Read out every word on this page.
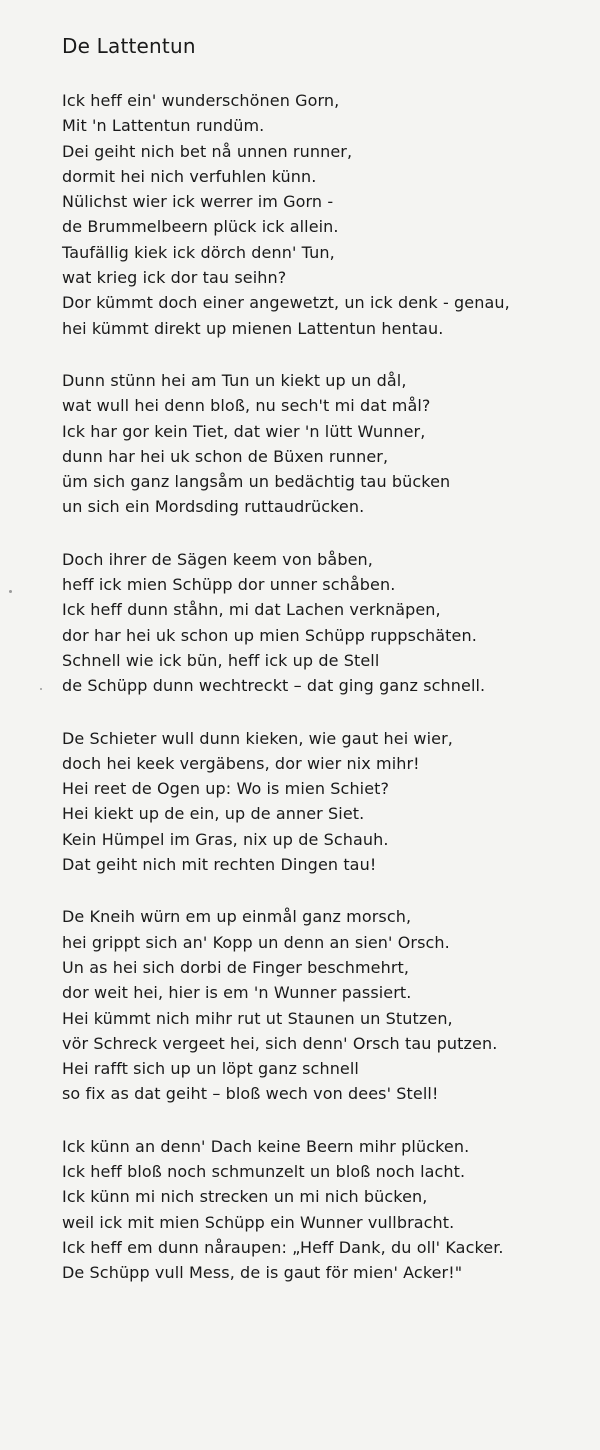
De Lattentun
Ick heff ein' wunderschönen Gorn,
Mit 'n Lattentun rundüm.
Dei geiht nich bet nå unnen runner,
dormit hei nich verfuhlen künn.
Nülichst wier ick werrer im Gorn -
de Brummelbeern plück ick allein.
Taufällig kiek ick dörch denn' Tun,
wat krieg ick dor tau seihn?
Dor kümmt doch einer angewetzt, un ick denk - genau,
hei kümmt direkt up mienen Lattentun hentau.
Dunn stünn hei am Tun un kiekt up un dål,
wat wull hei denn bloß, nu sech't mi dat mål?
Ick har gor kein Tiet, dat wier 'n lütt Wunner,
dunn har hei uk schon de Büxen runner,
üm sich ganz langsåm un bedächtig tau bücken
un sich ein Mordsding ruttaudrücken.
Doch ihrer de Sägen keem von båben,
heff ick mien Schüpp dor unner schåben.
Ick heff dunn ståhn, mi dat Lachen verknäpen,
dor har hei uk schon up mien Schüpp ruppschäten.
Schnell wie ick bün, heff ick up de Stell
de Schüpp dunn wechtreckt – dat ging ganz schnell.
De Schieter wull dunn kieken, wie gaut hei wier,
doch hei keek vergäbens, dor wier nix mihr!
Hei reet de Ogen up: Wo is mien Schiet?
Hei kiekt up de ein, up de anner Siet.
Kein Hümpel im Gras, nix up de Schauh.
Dat geiht nich mit rechten Dingen tau!
De Kneih würn em up einmål ganz morsch,
hei grippt sich an' Kopp un denn an sien' Orsch.
Un as hei sich dorbi de Finger beschmehrt,
dor weit hei, hier is em 'n Wunner passiert.
Hei kümmt nich mihr rut ut Staunen un Stutzen,
vör Schreck vergeet hei, sich denn' Orsch tau putzen.
Hei rafft sich up un löpt ganz schnell
so fix as dat geiht – bloß wech von dees' Stell!
Ick künn an denn' Dach keine Beern mihr plücken.
Ick heff bloß noch schmunzelt un bloß noch lacht.
Ick künn mi nich strecken un mi nich bücken,
weil ick mit mien Schüpp ein Wunner vullbracht.
Ick heff em dunn nåraupen: „Heff Dank, du oll' Kacker.
De Schüpp vull Mess, de is gaut för mien' Acker!"
